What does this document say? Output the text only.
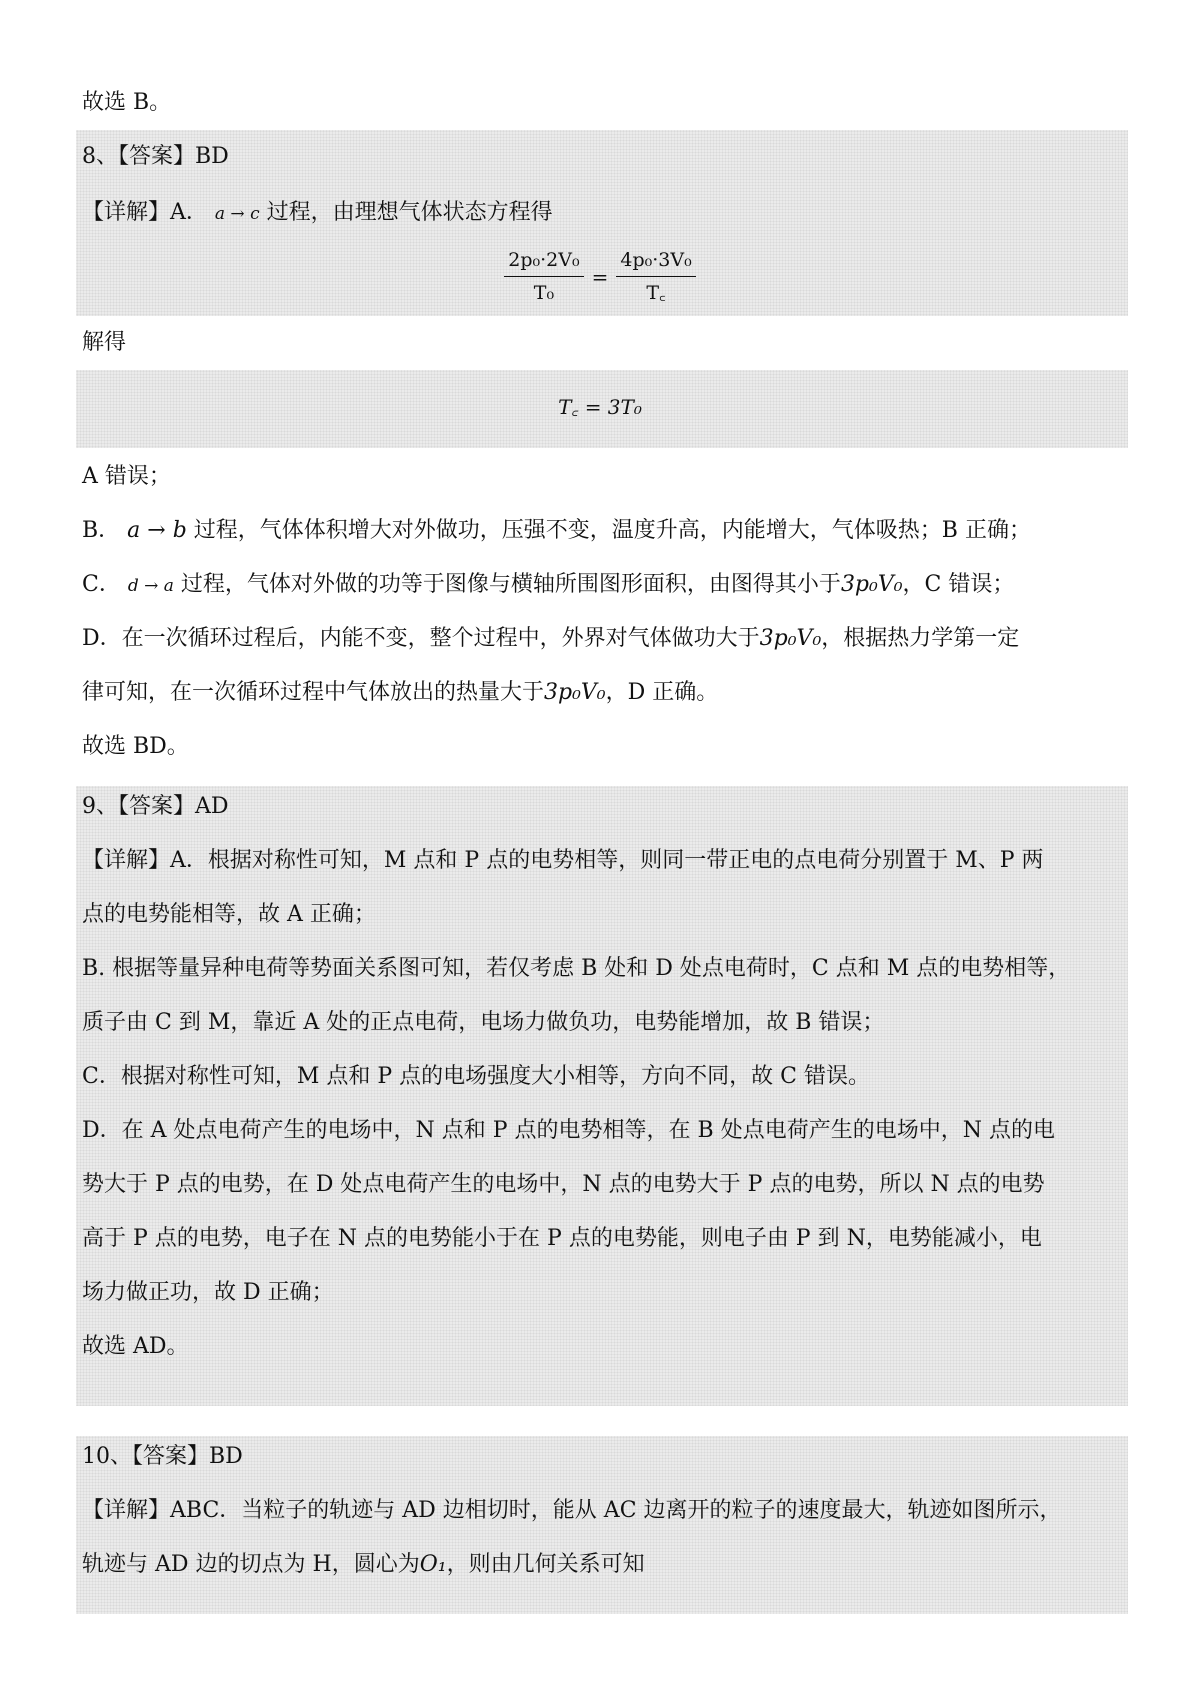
故选 B。
8、【答案】BD
【详解】A． a → c 过程，由理想气体状态方程得
$\frac{\text{2p₀·2V₀}}{\text{T₀}} = \frac{\text{4p₀·3V₀}}{T꜀}$
解得
T꜀ = 3T₀
A 错误；
B． a → b 过程，气体体积增大对外做功，压强不变，温度升高，内能增大，气体吸热；B 正确；
C． d → a 过程，气体对外做的功等于图像与横轴所围图形面积，由图得其小于3p₀V₀，C 错误；
D．在一次循环过程后，内能不变，整个过程中，外界对气体做功大于3p₀V₀，根据热力学第一定
律可知，在一次循环过程中气体放出的热量大于3p₀V₀，D 正确。
故选 BD。
9、【答案】AD
【详解】A．根据对称性可知，M 点和 P 点的电势相等，则同一带正电的点电荷分别置于 M、P 两
点的电势能相等，故 A 正确；
B. 根据等量异种电荷等势面关系图可知，若仅考虑 B 处和 D 处点电荷时，C 点和 M 点的电势相等，
质子由 C 到 M，靠近 A 处的正点电荷，电场力做负功，电势能增加，故 B 错误；
C．根据对称性可知，M 点和 P 点的电场强度大小相等，方向不同，故 C 错误。
D．在 A 处点电荷产生的电场中，N 点和 P 点的电势相等，在 B 处点电荷产生的电场中，N 点的电
势大于 P 点的电势，在 D 处点电荷产生的电场中，N 点的电势大于 P 点的电势，所以 N 点的电势
高于 P 点的电势，电子在 N 点的电势能小于在 P 点的电势能，则电子由 P 到 N，电势能减小，电
场力做正功，故 D 正确；
故选 AD。
10、【答案】BD
【详解】ABC．当粒子的轨迹与 AD 边相切时，能从 AC 边离开的粒子的速度最大，轨迹如图所示，
轨迹与 AD 边的切点为 H，圆心为O₁，则由几何关系可知
